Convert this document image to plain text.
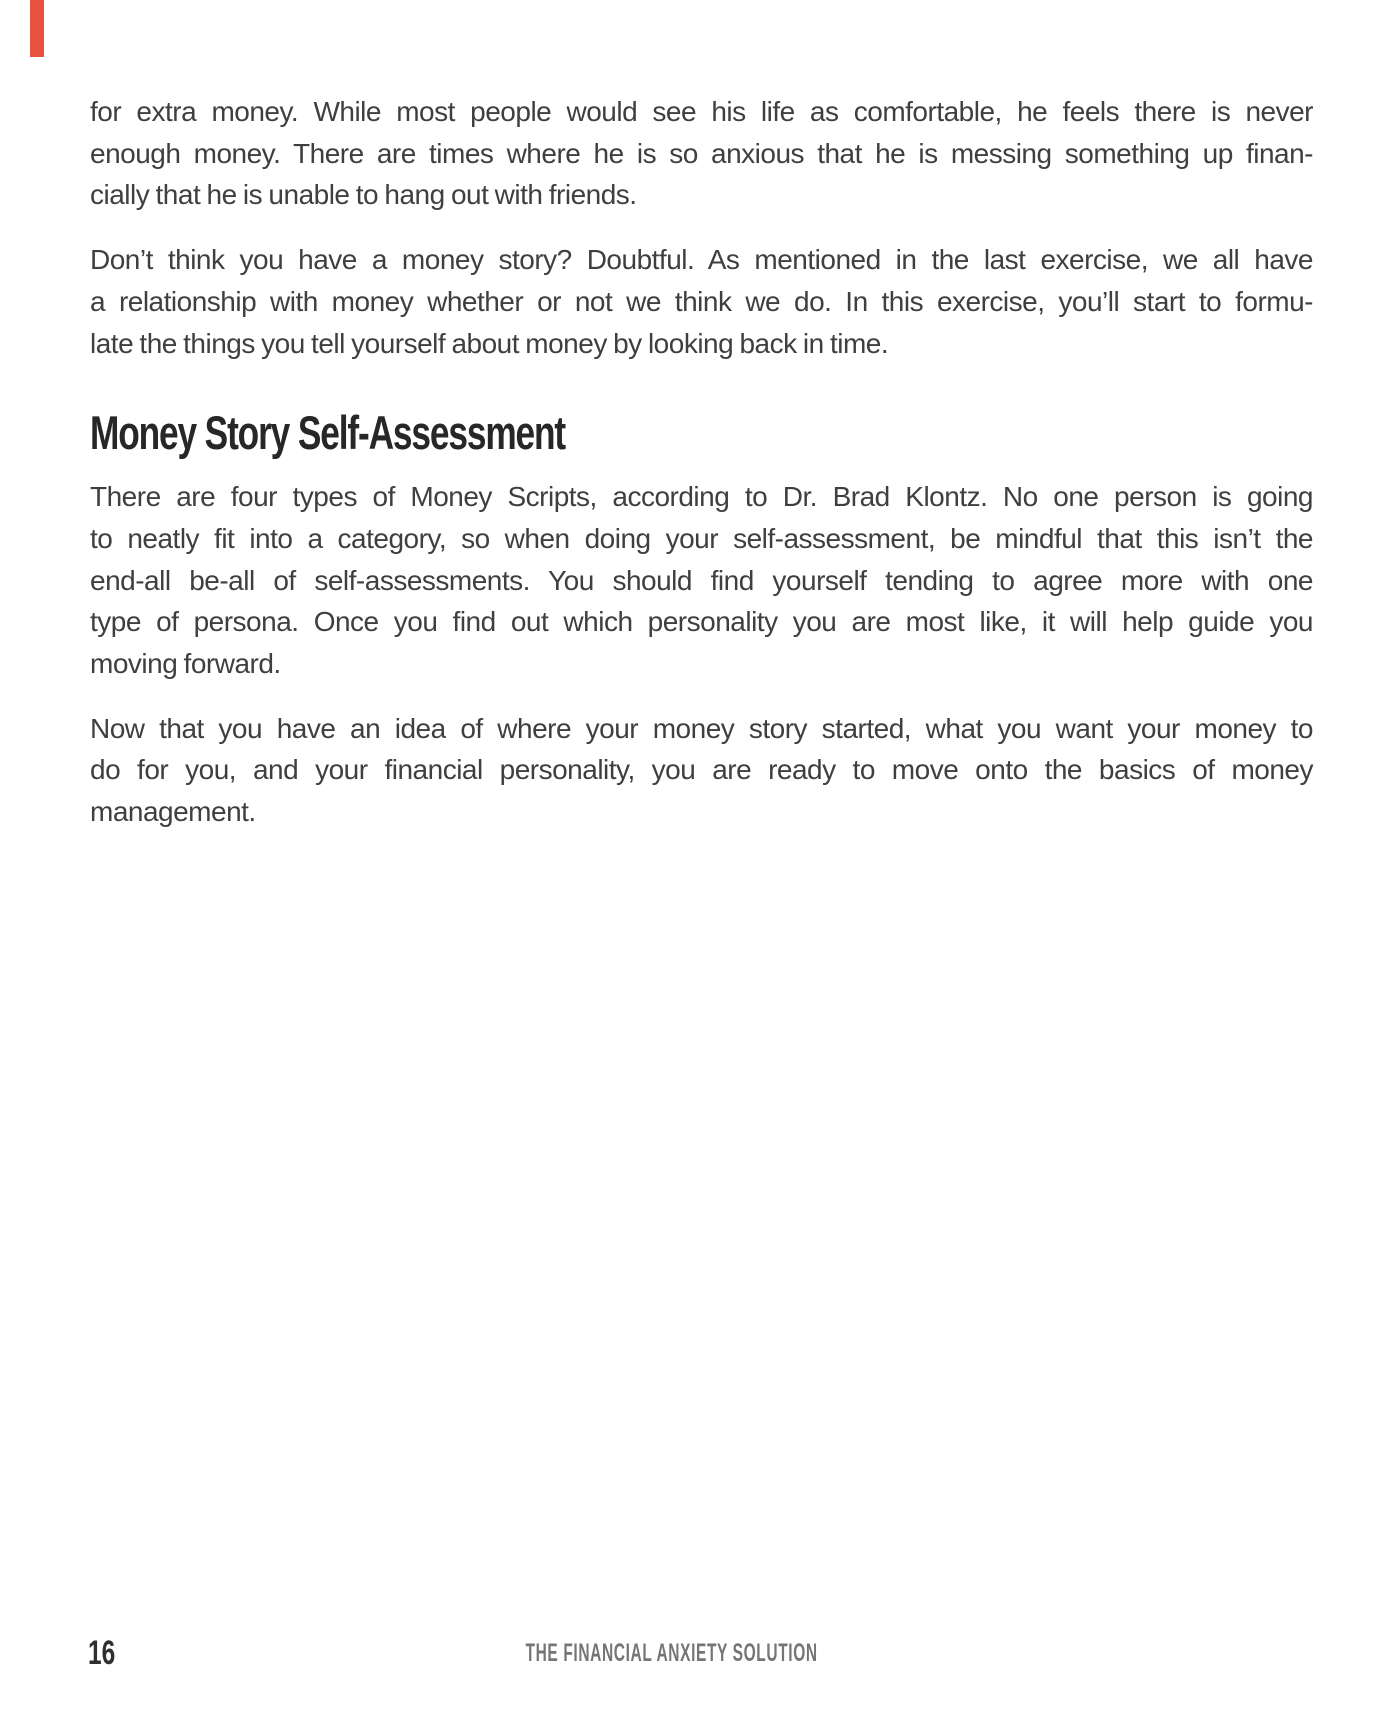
for extra money. While most people would see his life as comfortable, he feels there is never
enough money. There are times where he is so anxious that he is messing something up finan-
cially that he is unable to hang out with friends.
Don’t think you have a money story? Doubtful. As mentioned in the last exercise, we all have
a relationship with money whether or not we think we do. In this exercise, you’ll start to formu-
late the things you tell yourself about money by looking back in time.
Money Story Self-Assessment
There are four types of Money Scripts, according to Dr. Brad Klontz. No one person is going
to neatly fit into a category, so when doing your self-assessment, be mindful that this isn’t the
end-all be-all of self-assessments. You should find yourself tending to agree more with one
type of persona. Once you find out which personality you are most like, it will help guide you
moving forward.
Now that you have an idea of where your money story started, what you want your money to
do for you, and your financial personality, you are ready to move onto the basics of money
management.
16	THE FINANCIAL ANXIETY SOLUTION
